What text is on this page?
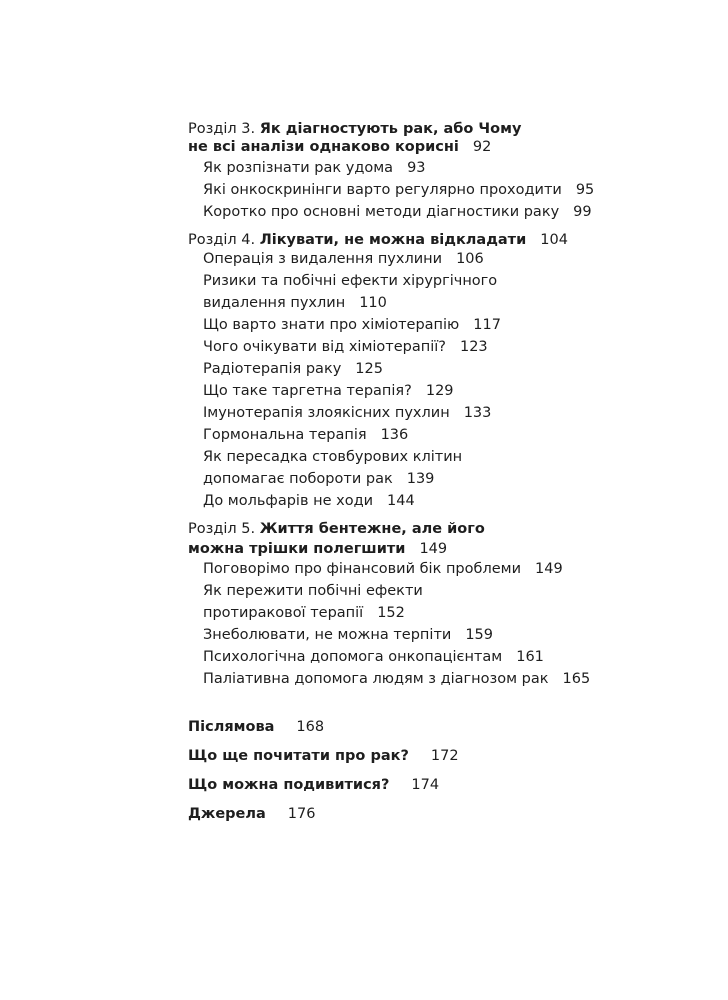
Розділ 3. Як діагностують рак, або Чому
не всі аналізи однаково корисні 92
Як розпізнати рак удома 93
Які онкоскринінги варто регулярно проходити 95
Коротко про основні методи діагностики раку 99
Розділ 4. Лікувати, не можна відкладати 104
Операція з видалення пухлини 106
Ризики та побічні ефекти хірургічного
видалення пухлин 110
Що варто знати про хіміотерапію 117
Чого очікувати від хіміотерапії? 123
Радіотерапія раку 125
Що таке таргетна терапія? 129
Імунотерапія злоякісних пухлин 133
Гормональна терапія 136
Як пересадка стовбурових клітин
допомагає побороти рак 139
До мольфарів не ходи 144
Розділ 5. Життя бентежне, але його
можна трішки полегшити 149
Поговорімо про фінансовий бік проблеми 149
Як пережити побічні ефекти
протиракової терапії 152
Знеболювати, не можна терпіти 159
Психологічна допомога онкопацієнтам 161
Паліативна допомога людям з діагнозом рак 165
Післямова 168
Що ще почитати про рак? 172
Що можна подивитися? 174
Джерела 176
